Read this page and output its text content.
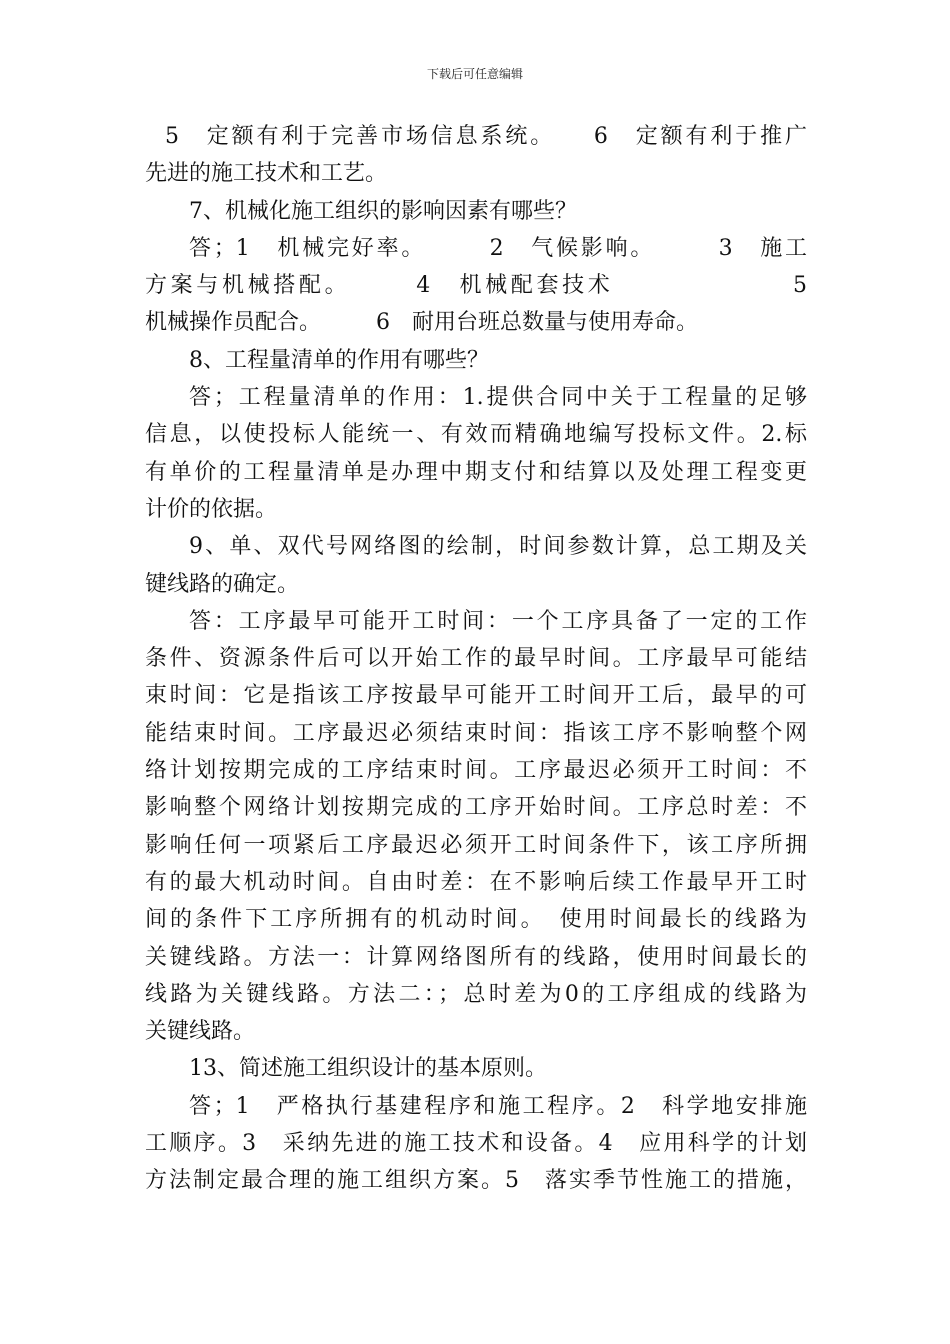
下载后可任意编辑
5　定额有利于完善市场信息系统。　　6　定额有利于推广
先进的施工技术和工艺。
7、机械化施工组织的影响因素有哪些？
答；1　机械完好率。　　　2　气候影响。　　　3　施工
方案与机械搭配。　　　4　机械配套技术　　　　　　　5
机械操作员配合。　　　6　耐用台班总数量与使用寿命。
8、工程量清单的作用有哪些？
答；工程量清单的作用：1.提供合同中关于工程量的足够
信息，以使投标人能统一、有效而精确地编写投标文件。2.标
有单价的工程量清单是办理中期支付和结算以及处理工程变更
计价的依据。
9、单、双代号网络图的绘制，时间参数计算，总工期及关
键线路的确定。
答：工序最早可能开工时间：一个工序具备了一定的工作
条件、资源条件后可以开始工作的最早时间。工序最早可能结
束时间：它是指该工序按最早可能开工时间开工后，最早的可
能结束时间。工序最迟必须结束时间：指该工序不影响整个网
络计划按期完成的工序结束时间。工序最迟必须开工时间：不
影响整个网络计划按期完成的工序开始时间。工序总时差：不
影响任何一项紧后工序最迟必须开工时间条件下，该工序所拥
有的最大机动时间。自由时差：在不影响后续工作最早开工时
间的条件下工序所拥有的机动时间。　使用时间最长的线路为
关键线路。方法一：计算网络图所有的线路，使用时间最长的
线路为关键线路。方法二：；总时差为0的工序组成的线路为
关键线路。
13、简述施工组织设计的基本原则。
答；1　严格执行基建程序和施工程序。2　科学地安排施
工顺序。3　采纳先进的施工技术和设备。4　应用科学的计划
方法制定最合理的施工组织方案。5　落实季节性施工的措施，
